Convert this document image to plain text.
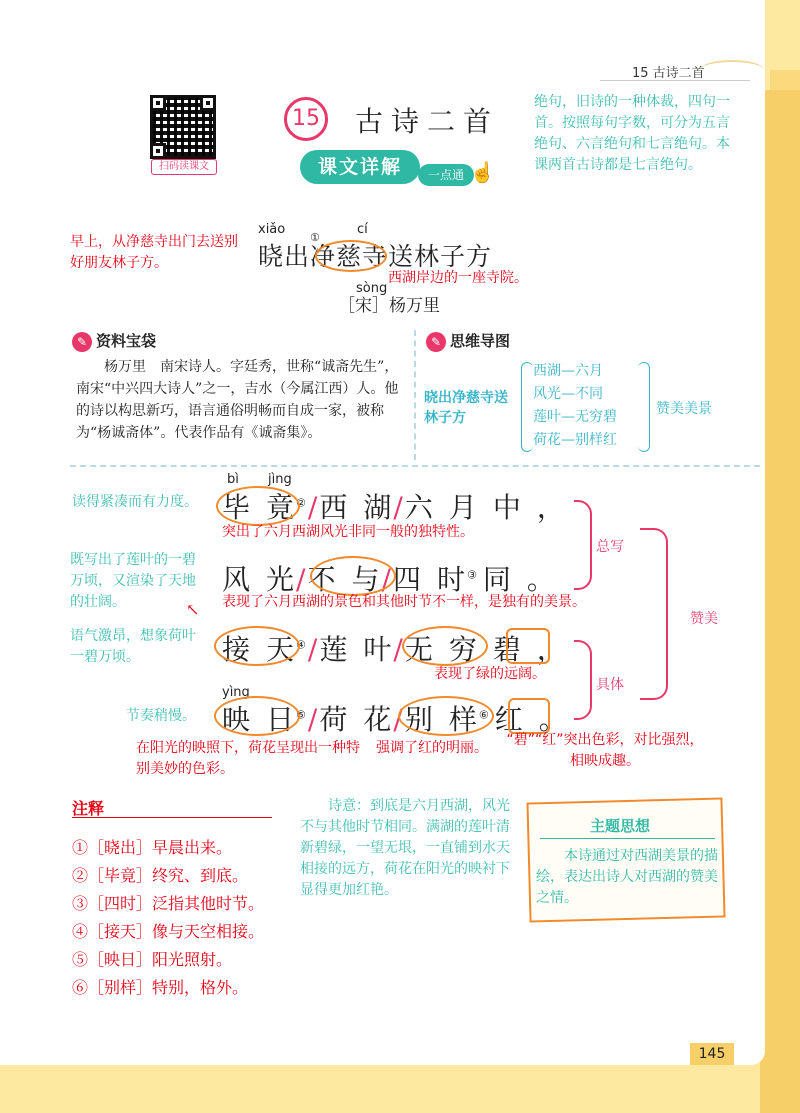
15 古诗二首
扫码读课文
15 古诗二首
课文详解	一点通 ☝
绝句，旧诗的一种体裁，四句一首。按照每句字数，可分为五言绝句、六言绝句和七言绝句。本课两首古诗都是七言绝句。
早上，从净慈寺出门去送别好朋友林子方。
xiǎo	cí
①
晓出净慈寺送林子方
sòng
西湖岸边的一座寺院。
［宋］杨万里
✎ 资料宝袋
杨万里　南宋诗人。字廷秀，世称“诚斋先生”，南宋“中兴四大诗人”之一，吉水（今属江西）人。他的诗以构思新巧，语言通俗明畅而自成一家，被称为“杨诚斋体”。代表作品有《诚斋集》。
✎ 思维导图
晓出净慈寺送林子方
西湖—六月
风光—不同
莲叶—无穷碧
荷花—别样红
赞美美景
读得紧凑而有力度。
bì jìng
毕 竟②/西 湖/六 月 中 ，
突出了六月西湖风光非同一般的独特性。
既写出了莲叶的一碧万顷，又渲染了天地的壮阔。
风 光/不 与/四 时③ 同 。
表现了六月西湖的景色和其他时节不一样，是独有的美景。
↖
语气激昂，想象荷叶一碧万顷。	接 天④/莲 叶/无 穷 碧 ，
表现了绿的远阔。
节奏稍慢。
yìng
映 日⑤/荷 花/别 样⑥ 红 。
在阳光的映照下，荷花呈现出一种特别美妙的色彩。
强调了红的明丽。	“碧”“红”突出色彩，对比强烈，相映成趣。
总写
具体
赞美
注释
①［晓出］早晨出来。
②［毕竟］终究、到底。
③［四时］泛指其他时节。
④［接天］像与天空相接。
⑤［映日］阳光照射。
⑥［别样］特别，格外。
诗意：到底是六月西湖，风光不与其他时节相同。满湖的莲叶清新碧绿，一望无垠，一直铺到水天相接的远方，荷花在阳光的映衬下显得更加红艳。
主题思想
本诗通过对西湖美景的描绘，表达出诗人对西湖的赞美之情。
145
